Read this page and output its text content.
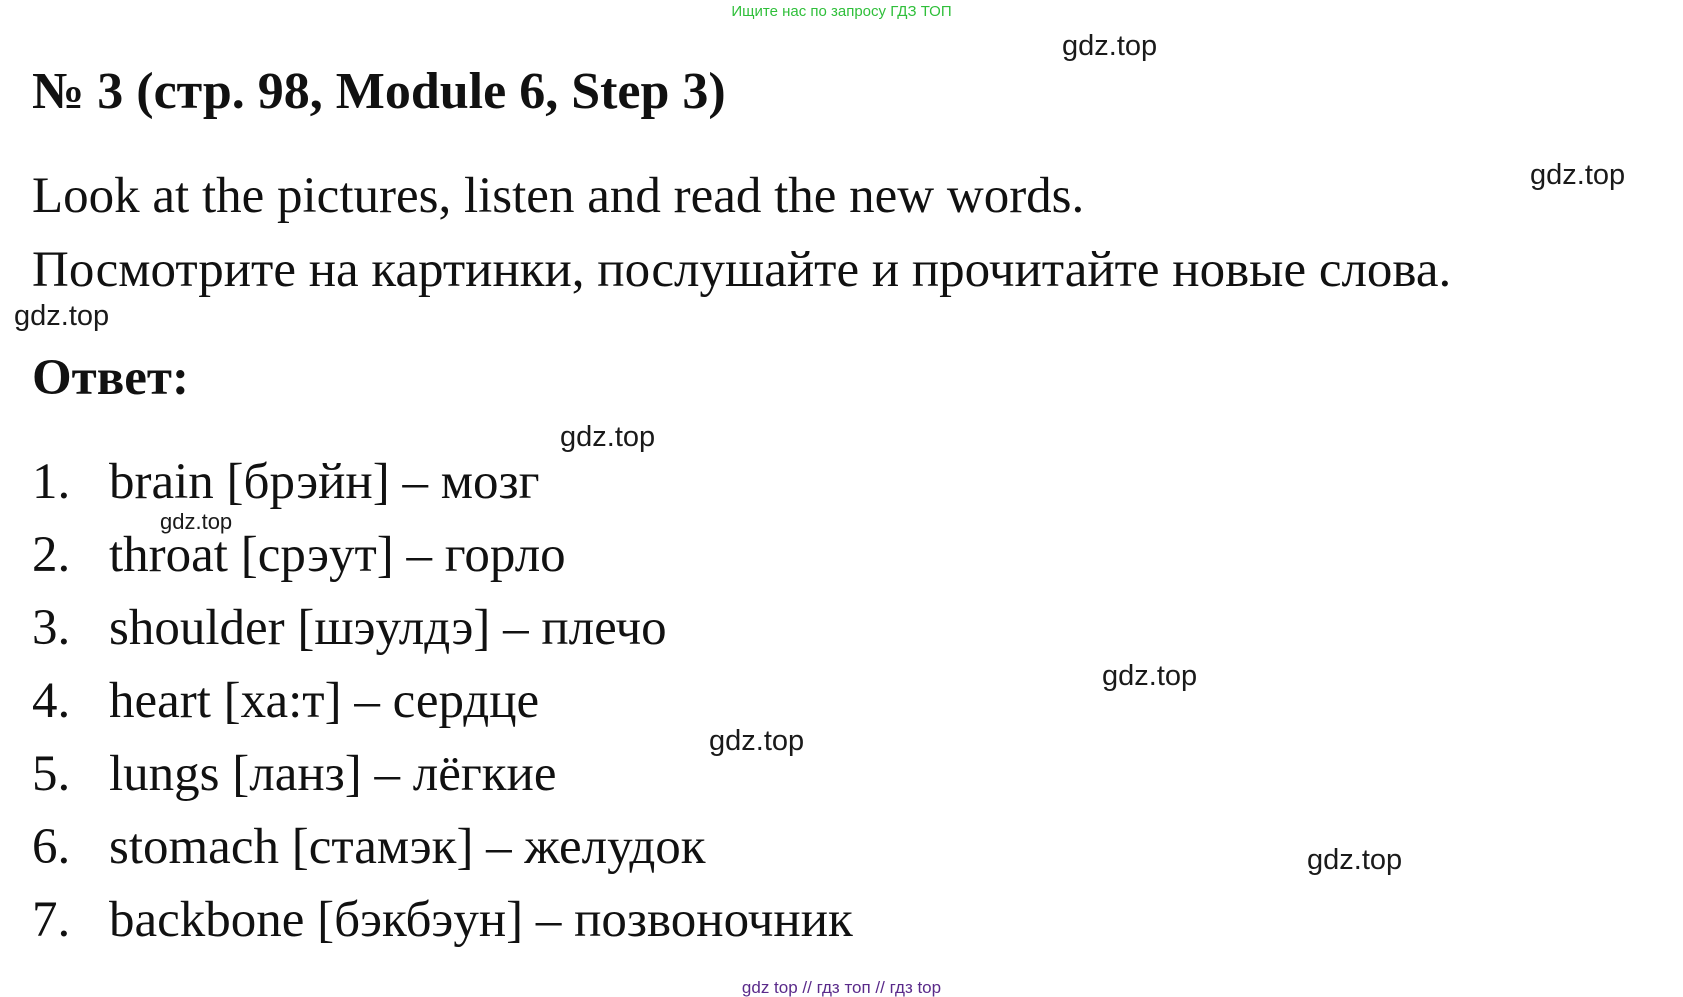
Ищите нас по запросу ГДЗ ТОП
№ 3 (стр. 98, Module 6, Step 3)
Look at the pictures, listen and read the new words.
Посмотрите на картинки, послушайте и прочитайте новые слова.
Ответ:
1. brain [брэйн] – мозг
2. throat [срэут] – горло
3. shoulder [шэулдэ] – плечо
4. heart [ха:т] – сердце
5. lungs [ланз] – лёгкие
6. stomach [стамэк] – желудок
7. backbone [бэкбэун] – позвоночник
gdz.top
gdz.top
gdz.top
gdz.top
gdz.top
gdz.top
gdz.top
gdz.top
gdz top // гдз топ // гдз top
